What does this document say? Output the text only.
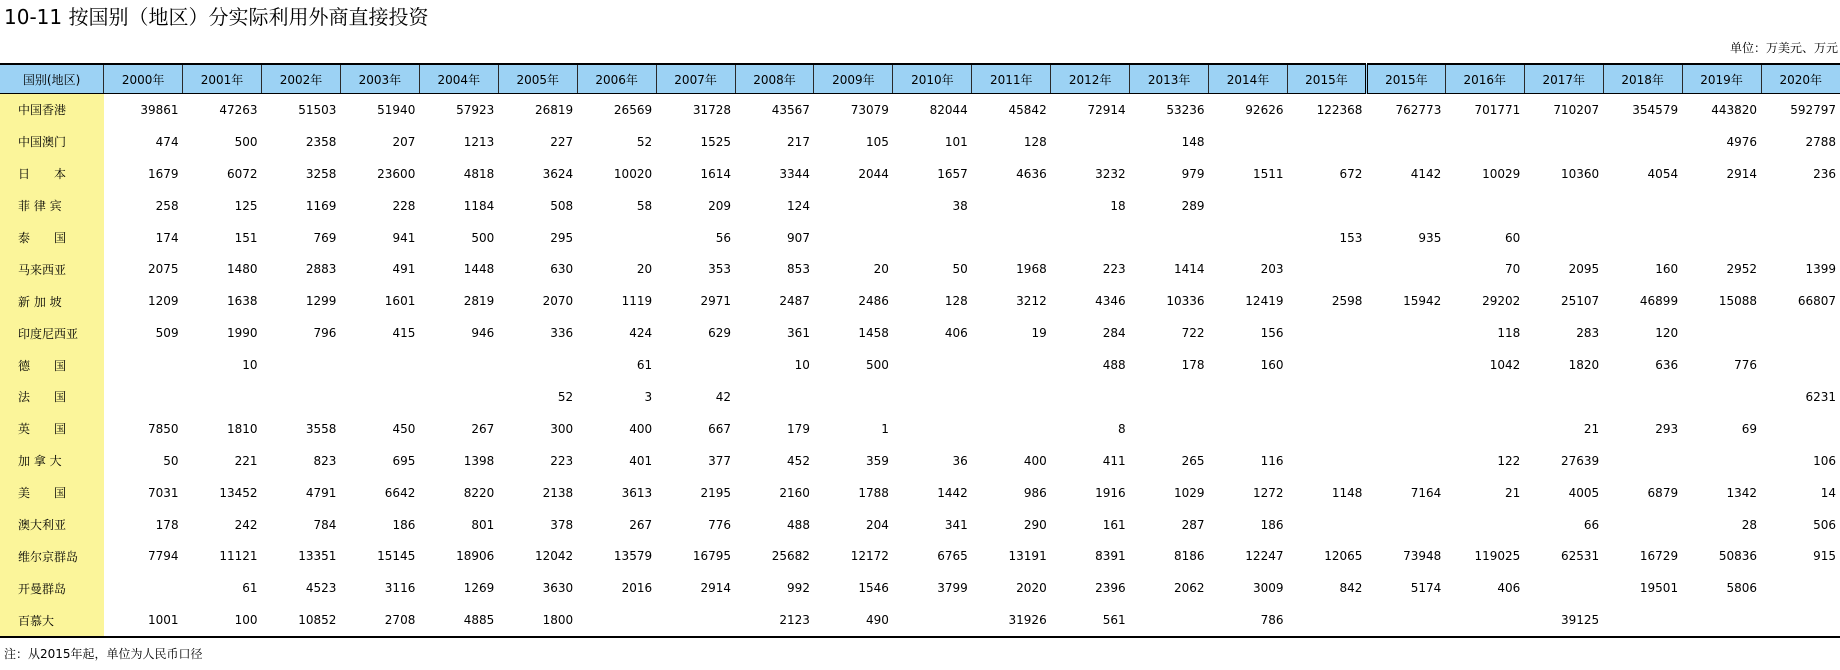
10-11 按国别（地区）分实际利用外商直接投资
单位：万美元、万元
国别(地区)	2000年	2001年	2002年	2003年	2004年	2005年	2006年	2007年	2008年	2009年	2010年	2011年	2012年	2013年	2014年	2015年	2015年	2016年	2017年	2018年	2019年	2020年
中国香港	39861	47263	51503	51940	57923	26819	26569	31728	43567	73079	82044	45842	72914	53236	92626	122368	762773	701771	710207	354579	443820	592797
中国澳门	474	500	2358	207	1213	227	52	1525	217	105	101	128		148							4976	2788
日　　本	1679	6072	3258	23600	4818	3624	10020	1614	3344	2044	1657	4636	3232	979	1511	672	4142	10029	10360	4054	2914	236
菲 律 宾	258	125	1169	228	1184	508	58	209	124		38		18	289								
泰　　国	174	151	769	941	500	295		56	907							153	935	60				
马来西亚	2075	1480	2883	491	1448	630	20	353	853	20	50	1968	223	1414	203			70	2095	160	2952	1399
新 加 坡	1209	1638	1299	1601	2819	2070	1119	2971	2487	2486	128	3212	4346	10336	12419	2598	15942	29202	25107	46899	15088	66807
印度尼西亚	509	1990	796	415	946	336	424	629	361	1458	406	19	284	722	156			118	283	120		
德　　国		10					61		10	500			488	178	160			1042	1820	636	776	
法　　国						52	3	42														6231
英　　国	7850	1810	3558	450	267	300	400	667	179	1			8						21	293	69	
加 拿 大	50	221	823	695	1398	223	401	377	452	359	36	400	411	265	116			122	27639			106
美　　国	7031	13452	4791	6642	8220	2138	3613	2195	2160	1788	1442	986	1916	1029	1272	1148	7164	21	4005	6879	1342	14
澳大利亚	178	242	784	186	801	378	267	776	488	204	341	290	161	287	186				66		28	506
维尔京群岛	7794	11121	13351	15145	18906	12042	13579	16795	25682	12172	6765	13191	8391	8186	12247	12065	73948	119025	62531	16729	50836	915
开曼群岛		61	4523	3116	1269	3630	2016	2914	992	1546	3799	2020	2396	2062	3009	842	5174	406		19501	5806	
百慕大	1001	100	10852	2708	4885	1800			2123	490		31926	561		786				39125			
注：从2015年起，单位为人民币口径
